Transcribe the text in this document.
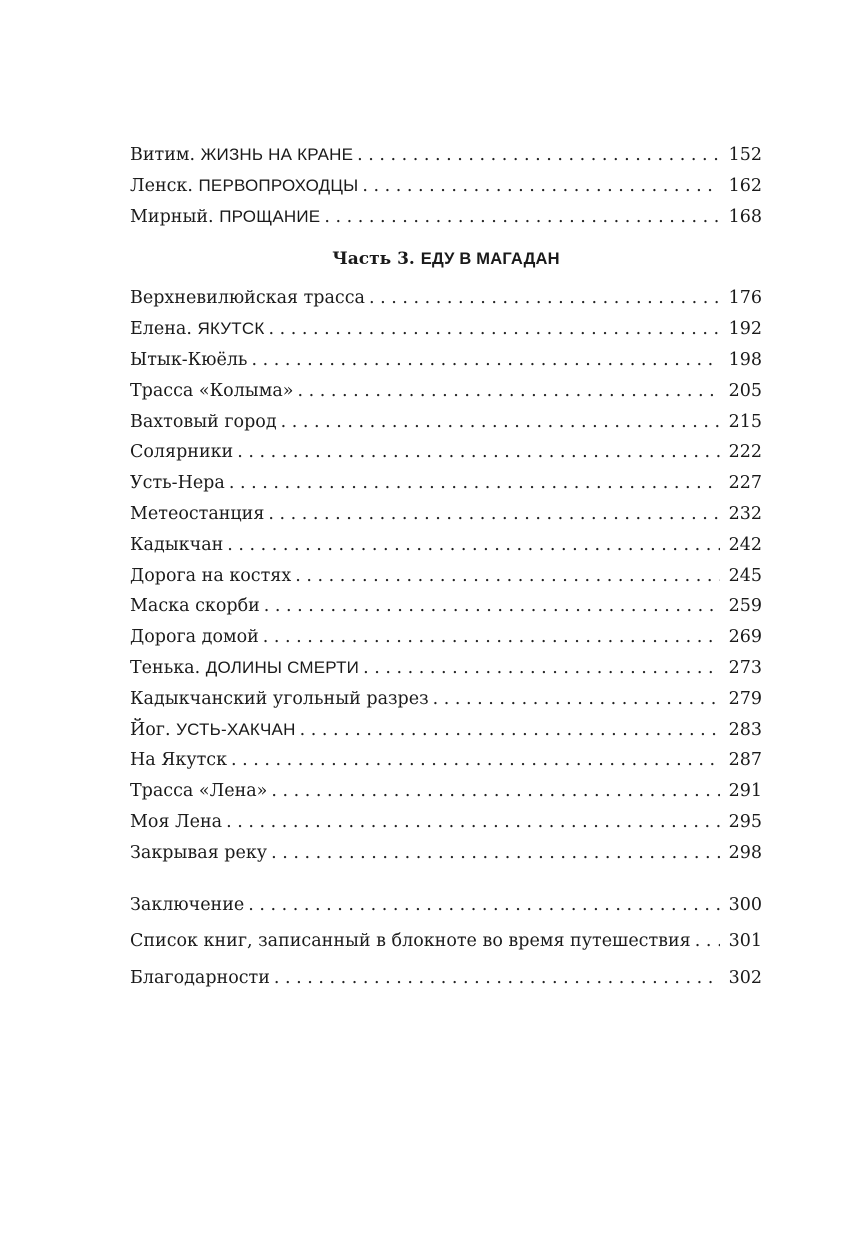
Витим. ЖИЗНЬ НА КРАНЕ . . .	152
Ленск. ПЕРВОПРОХОДЦЫ . . .	162
Мирный. ПРОЩАНИЕ . . .	168
Часть 3. ЕДУ В МАГАДАН
Верхневилюйская трасса . . .	176
Елена. ЯКУТСК . . .	192
Ытык-Кюёль . . .	198
Трасса «Колыма» . . .	205
Вахтовый город . . .	215
Солярники . . .	222
Усть-Нера . . .	227
Метеостанция . . .	232
Кадыкчан . . .	242
Дорога на костях . . .	245
Маска скорби . . .	259
Дорога домой . . .	269
Тенька. ДОЛИНЫ СМЕРТИ . . .	273
Кадыкчанский угольный разрез . . .	279
Йог. УСТЬ-ХАКЧАН . . .	283
На Якутск . . .	287
Трасса «Лена» . . .	291
Моя Лена . . .	295
Закрывая реку . . .	298
Заключение . . .	300
Список книг, записанный в блокноте во время путешествия . . . 301
Благодарности . . .	302
